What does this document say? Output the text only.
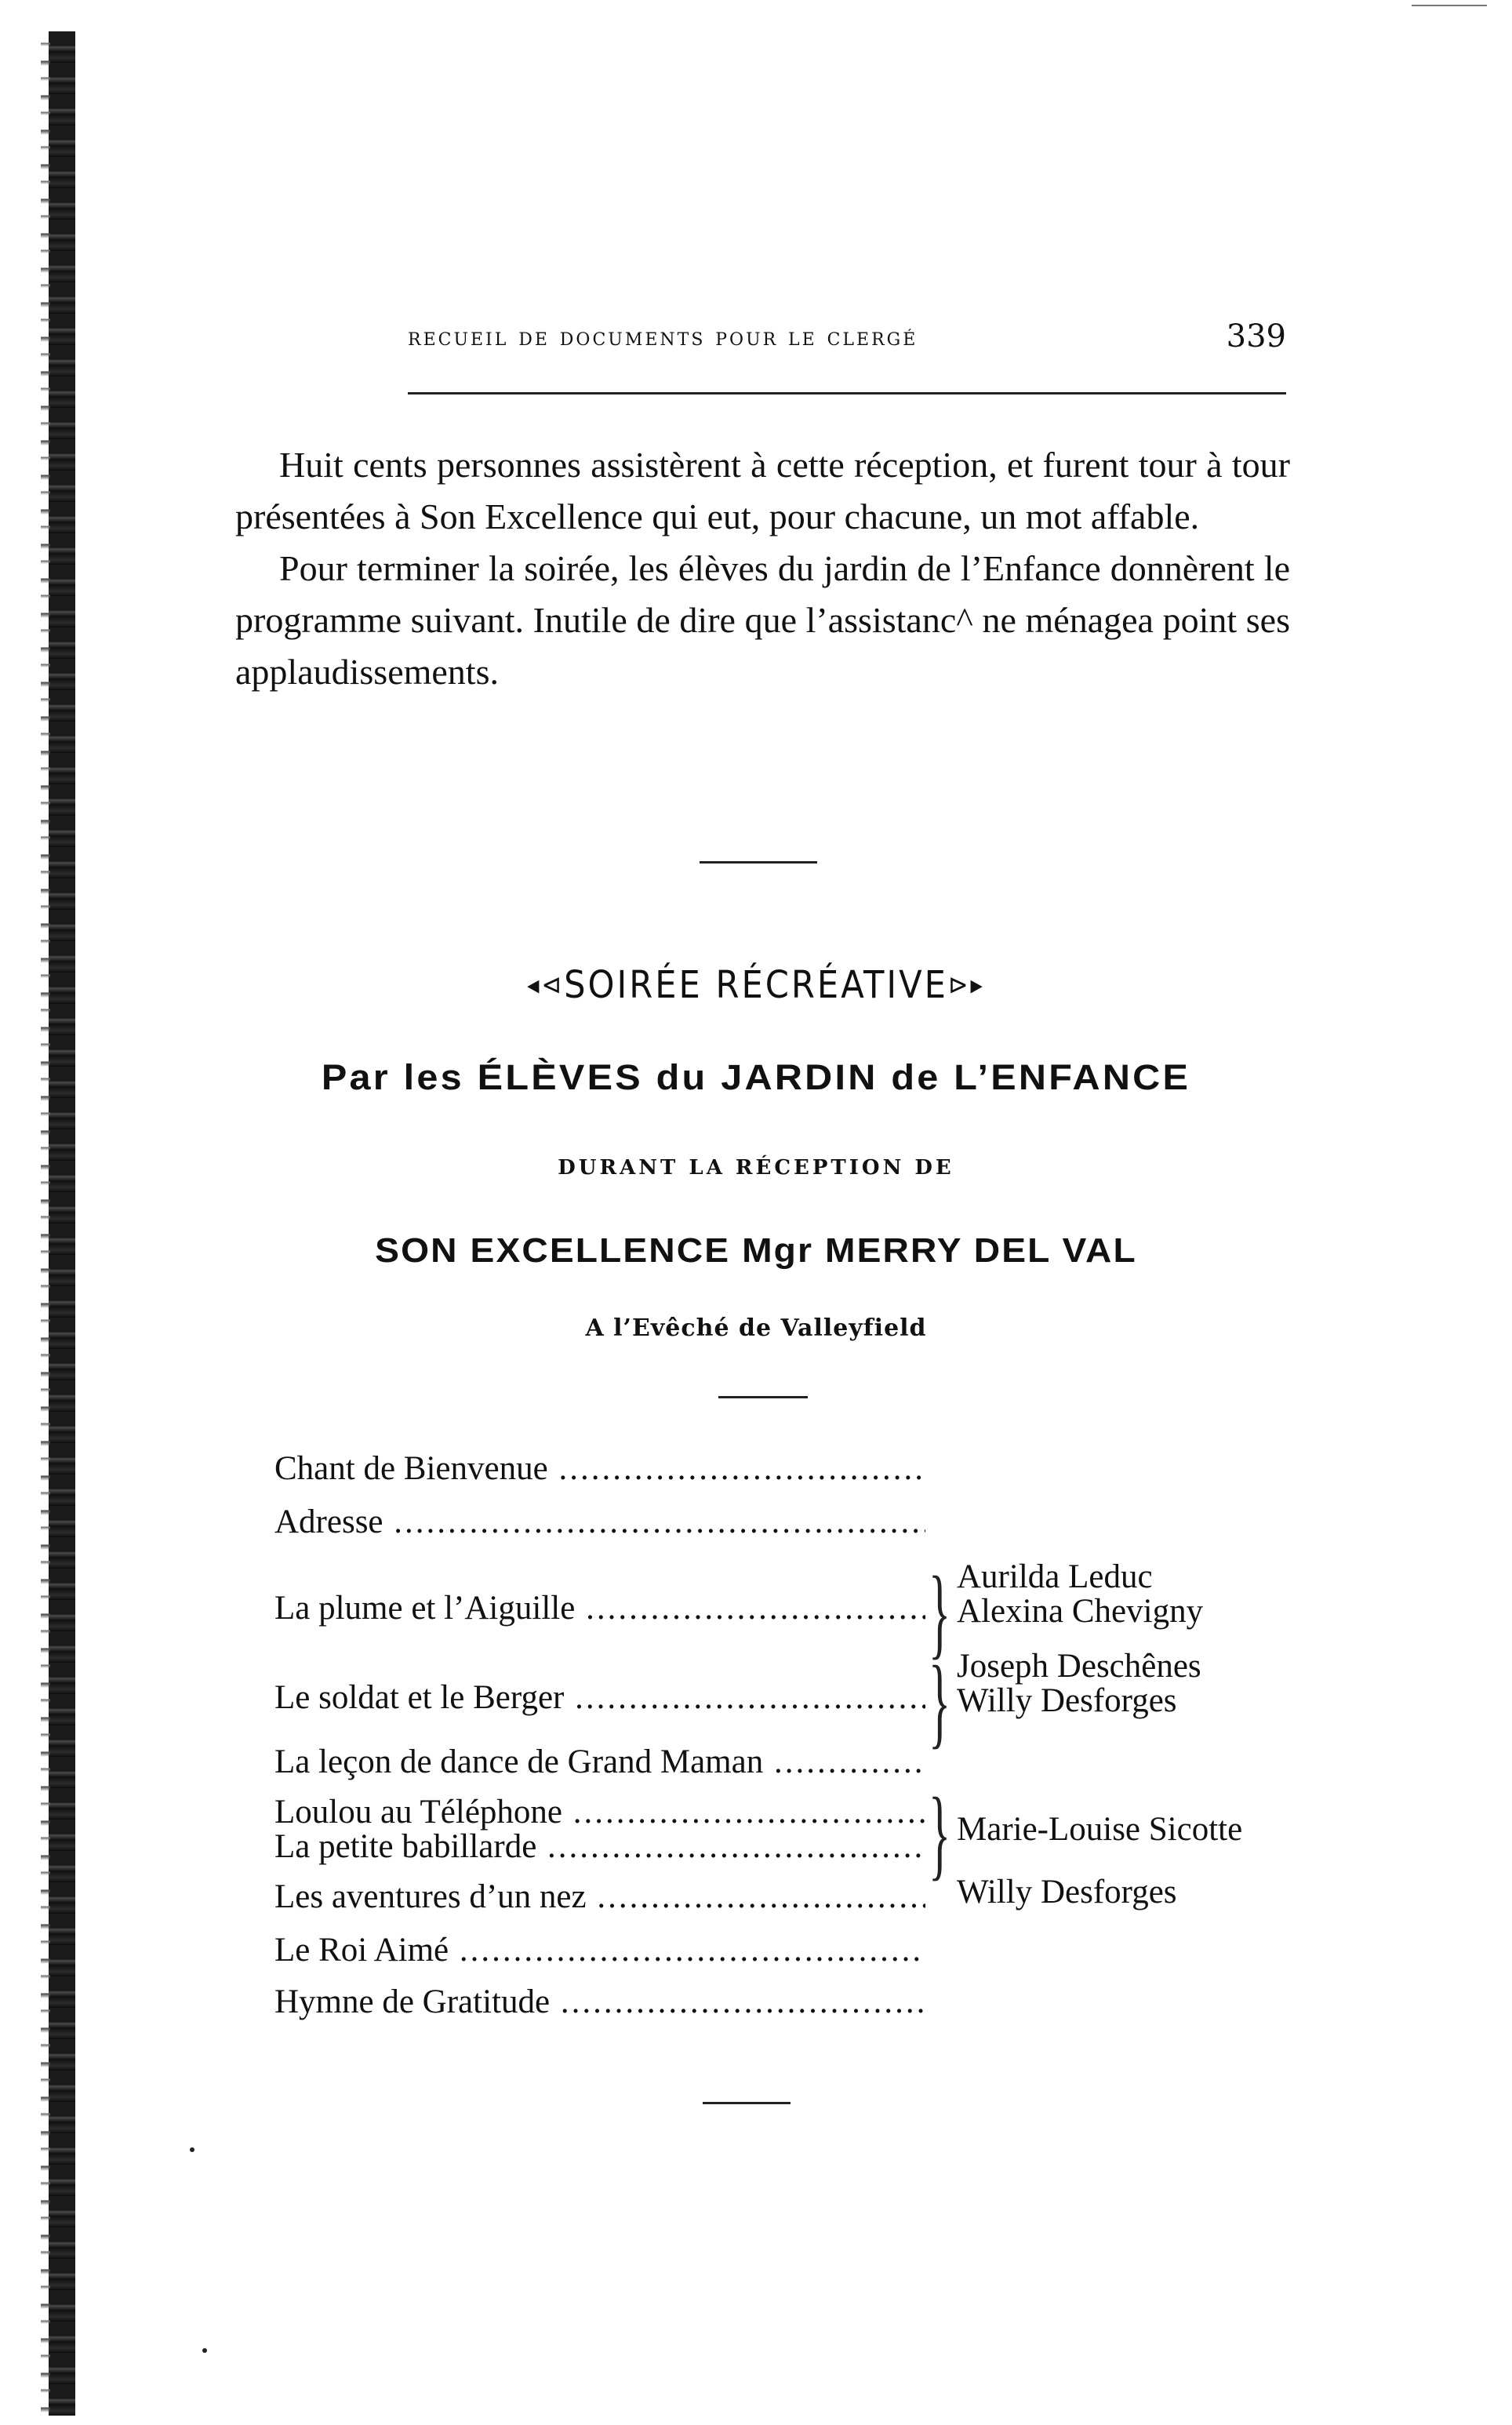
recueil de documents pour le clergé	339

Huit cents personnes assistèrent à cette réception, et furent tour à tour présentées à Son Excellence qui eut, pour chacune, un mot affable.

Pour terminer la soirée, les élèves du jardin de l’Enfance donnèrent le programme suivant. Inutile de dire que l’assistanc^ ne ménagea point ses applaudissements.

◂⊲SOIRÉE RÉCRÉATIVE⊳▸
Par les ÉLÈVES du JARDIN de L’ENFANCE
DURANT LA RÉCEPTION DE
SON EXCELLENCE Mgr MERRY DEL VAL
A l’Evêché de Valleyfield
Chant de Bienvenue .....
Adresse .....
La plume et l’Aiguille .....	} Aurilda Leduc
Alexina Chevigny
Le soldat et le Berger .....	} Joseph Deschênes
Willy Desforges
La leçon de dance de Grand Maman .....
Loulou au Téléphone .....
La petite babillarde .....	} Marie-Louise Sicotte
Les aventures d’un nez .....	Willy Desforges
Le Roi Aimé .....
Hymne de Gratitude .....
